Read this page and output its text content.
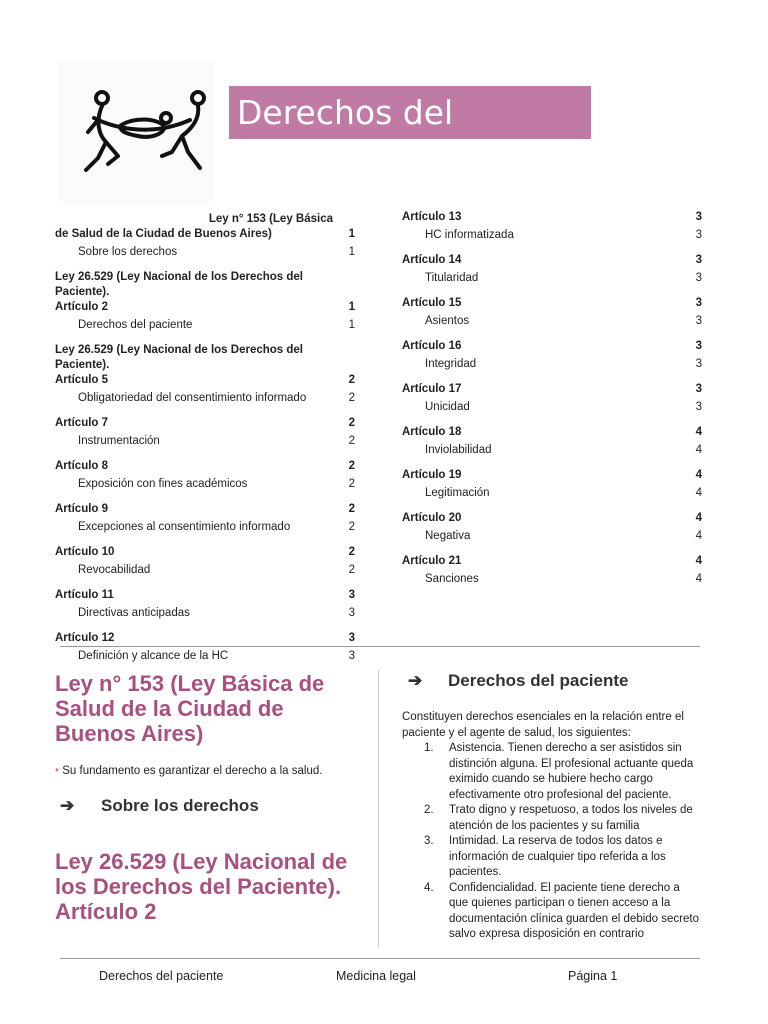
Derechos del paciente
Ley n° 153 (Ley Básica
de Salud de la Ciudad de Buenos Aires)	1
Sobre los derechos	1
Ley 26.529 (Ley Nacional de los Derechos del Paciente).
Artículo 2	1
Derechos del paciente	1
Ley 26.529 (Ley Nacional de los Derechos del Paciente).
Artículo 5	2
Obligatoriedad del consentimiento informado	2
Artículo 7	2
Instrumentación	2
Artículo 8	2
Exposición con fines académicos	2
Artículo 9	2
Excepciones al consentimiento informado	2
Artículo 10	2
Revocabilidad	2
Artículo 11	3
Directivas anticipadas	3
Artículo 12	3
Definición y alcance de la HC	3
Artículo 13	3
HC informatizada	3
Artículo 14	3
Titularidad	3
Artículo 15	3
Asientos	3
Artículo 16	3
Integridad	3
Artículo 17	3
Unicidad	3
Artículo 18	4
Inviolabilidad	4
Artículo 19	4
Legitimación	4
Artículo 20	4
Negativa	4
Artículo 21	4
Sanciones	4
Ley n° 153 (Ley Básica de Salud de la Ciudad de Buenos Aires)
• Su fundamento es garantizar el derecho a la salud.
➔ Sobre los derechos
Ley 26.529 (Ley Nacional de los Derechos del Paciente). Artículo 2
➔ Derechos del paciente
Constituyen derechos esenciales en la relación entre el paciente y el agente de salud, los siguientes:
1. Asistencia. Tienen derecho a ser asistidos sin distinción alguna. El profesional actuante queda eximido cuando se hubiere hecho cargo efectivamente otro profesional del paciente.
2. Trato digno y respetuoso, a todos los niveles de atención de los pacientes y su familia
3. Intimidad. La reserva de todos los datos e información de cualquier tipo referida a los pacientes.
4. Confidencialidad. El paciente tiene derecho a que quienes participan o tienen acceso a la documentación clínica guarden el debido secreto salvo expresa disposición en contrario
Derechos del paciente	Medicina legal	Página 1
